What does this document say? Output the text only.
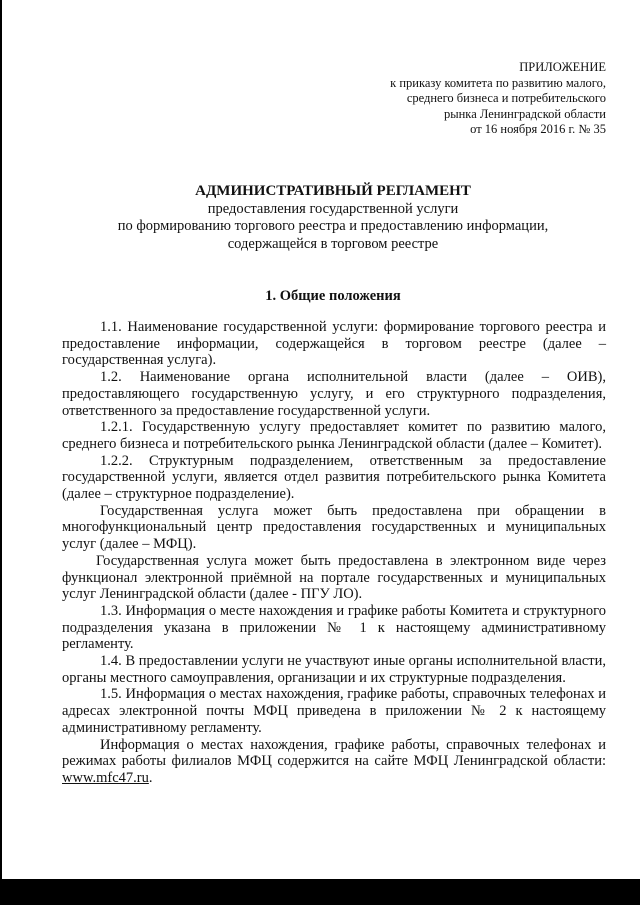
ПРИЛОЖЕНИЕ
к приказу комитета по развитию малого,
среднего бизнеса и потребительского
рынка Ленинградской области
от 16 ноября 2016 г. № 35
АДМИНИСТРАТИВНЫЙ РЕГЛАМЕНТ
предоставления государственной услуги
по формированию торгового реестра и предоставлению информации,
содержащейся в торговом реестре
1. Общие положения

1.1. Наименование государственной услуги: формирование торгового реестра и предоставление информации, содержащейся в торговом реестре (далее – государственная услуга).

1.2. Наименование органа исполнительной власти (далее – ОИВ), предоставляющего государственную услугу, и его структурного подразделения, ответственного за предоставление государственной услуги.

1.2.1. Государственную услугу предоставляет комитет по развитию малого, среднего бизнеса и потребительского рынка Ленинградской области (далее – Комитет).

1.2.2. Структурным подразделением, ответственным за предоставление государственной услуги, является отдел развития потребительского рынка Комитета (далее – структурное подразделение).

Государственная услуга может быть предоставлена при обращении в многофункциональный центр предоставления государственных и муниципальных услуг (далее – МФЦ).

Государственная услуга может быть предоставлена в электронном виде через функционал электронной приёмной на портале государственных и муниципальных услуг Ленинградской области (далее - ПГУ ЛО).

1.3. Информация о месте нахождения и графике работы Комитета и структурного подразделения указана в приложении № 1 к настоящему административному регламенту.

1.4. В предоставлении услуги не участвуют иные органы исполнительной власти, органы местного самоуправления, организации и их структурные подразделения.

1.5. Информация о местах нахождения, графике работы, справочных телефонах и адресах электронной почты МФЦ приведена в приложении № 2 к настоящему административному регламенту.

Информация о местах нахождения, графике работы, справочных телефонах и режимах работы филиалов МФЦ содержится на сайте МФЦ Ленинградской области: www.mfc47.ru.
